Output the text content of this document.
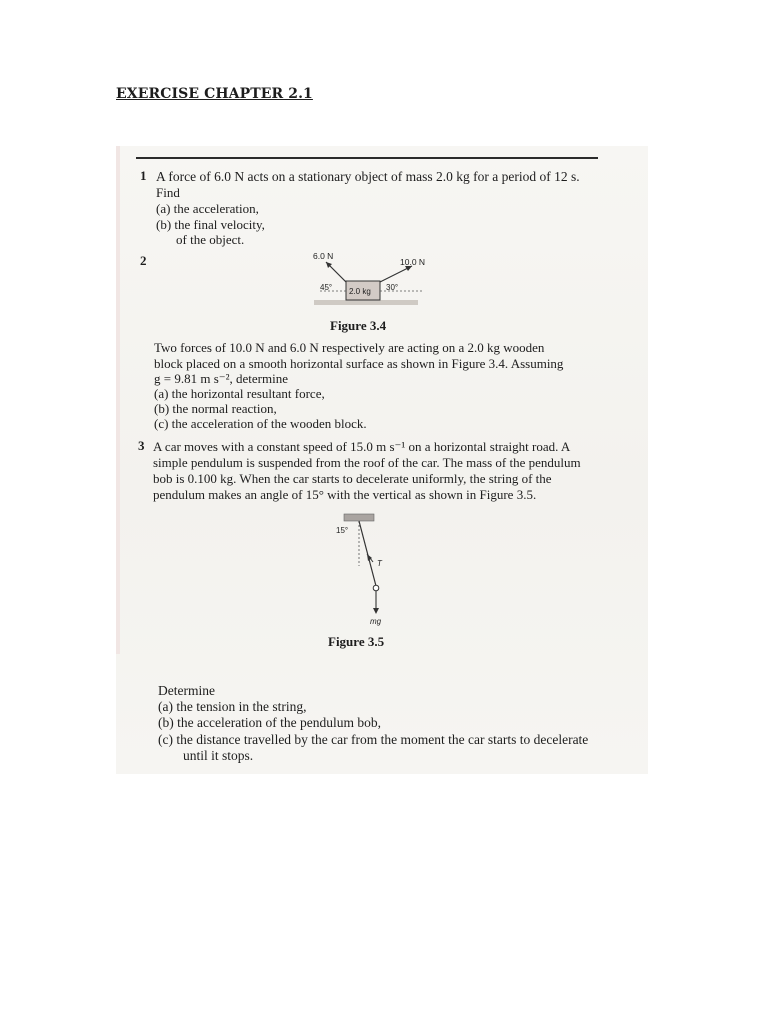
EXERCISE CHAPTER 2.1
1 A force of 6.0 N acts on a stationary object of mass 2.0 kg for a period of 12 s.

Find

(a) the acceleration,

(b) the final velocity,

of the object.

2	6.0 N
10.0 N
45°	30°
2.0 kg
Figure 3.4

Two forces of 10.0 N and 6.0 N respectively are acting on a 2.0 kg wooden

block placed on a smooth horizontal surface as shown in Figure 3.4. Assuming

g = 9.81 m s⁻², determine

(a) the horizontal resultant force,

(b) the normal reaction,

(c) the acceleration of the wooden block.

3 A car moves with a constant speed of 15.0 m s⁻¹ on a horizontal straight road. A

simple pendulum is suspended from the roof of the car. The mass of the pendulum

bob is 0.100 kg. When the car starts to decelerate uniformly, the string of the

pendulum makes an angle of 15° with the vertical as shown in Figure 3.5.

15°
T
mg
Figure 3.5

Determine

(a) the tension in the string,

(b) the acceleration of the pendulum bob,

(c) the distance travelled by the car from the moment the car starts to decelerate

until it stops.
